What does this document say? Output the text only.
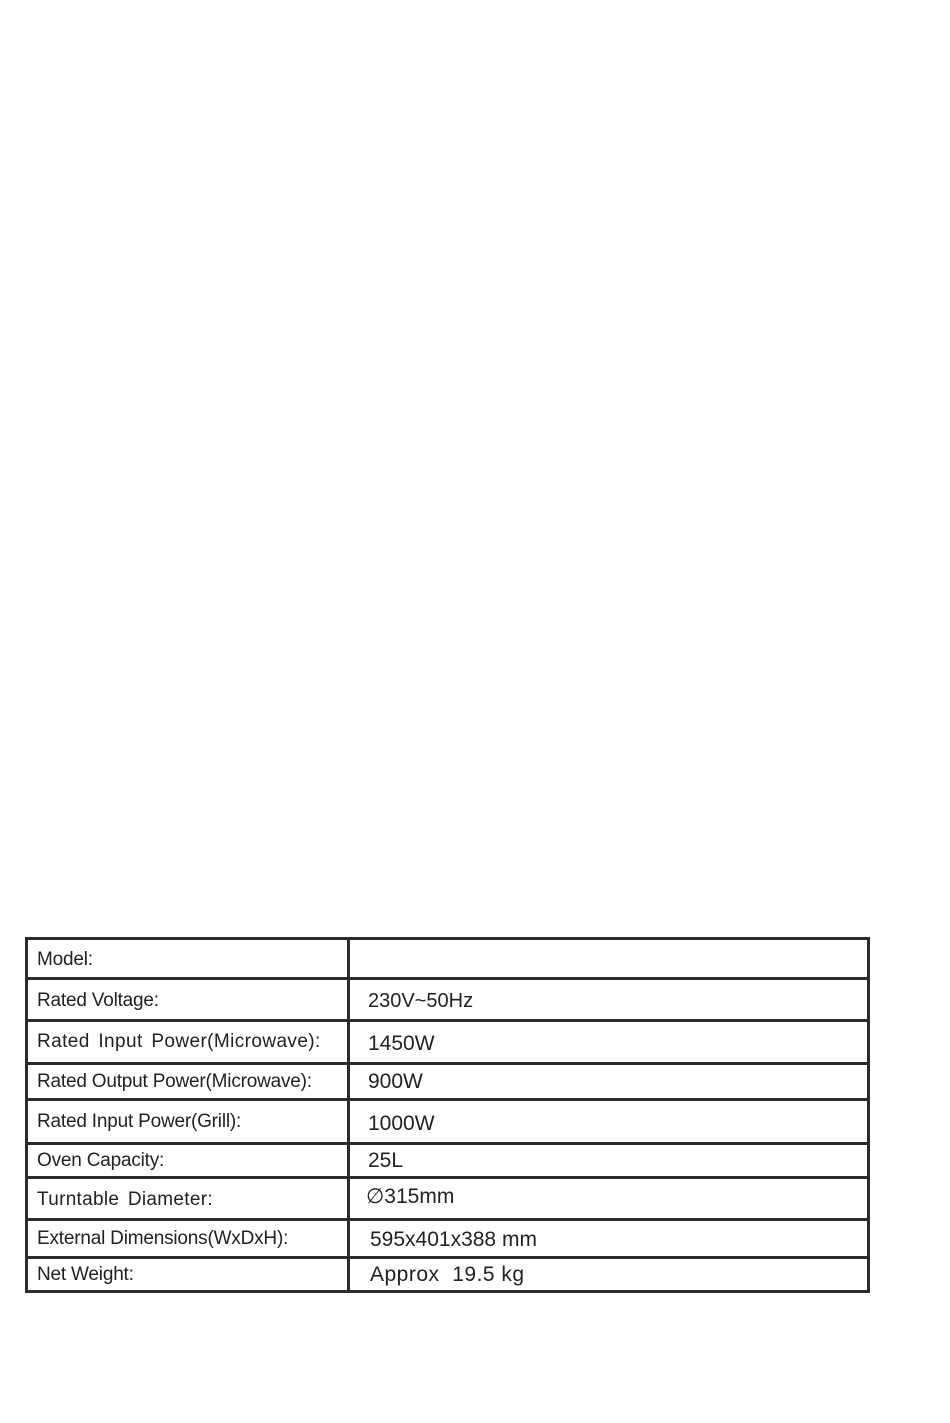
Model:	
Rated Voltage:	230V~50Hz
Rated Input Power(Microwave):	1450W
Rated Output Power(Microwave):	900W
Rated Input Power(Grill):	1000W
Oven Capacity:	25L
Turntable Diameter:	∅315mm
External Dimensions(WxDxH):	595x401x388 mm
Net Weight:	Approx  19.5 kg
